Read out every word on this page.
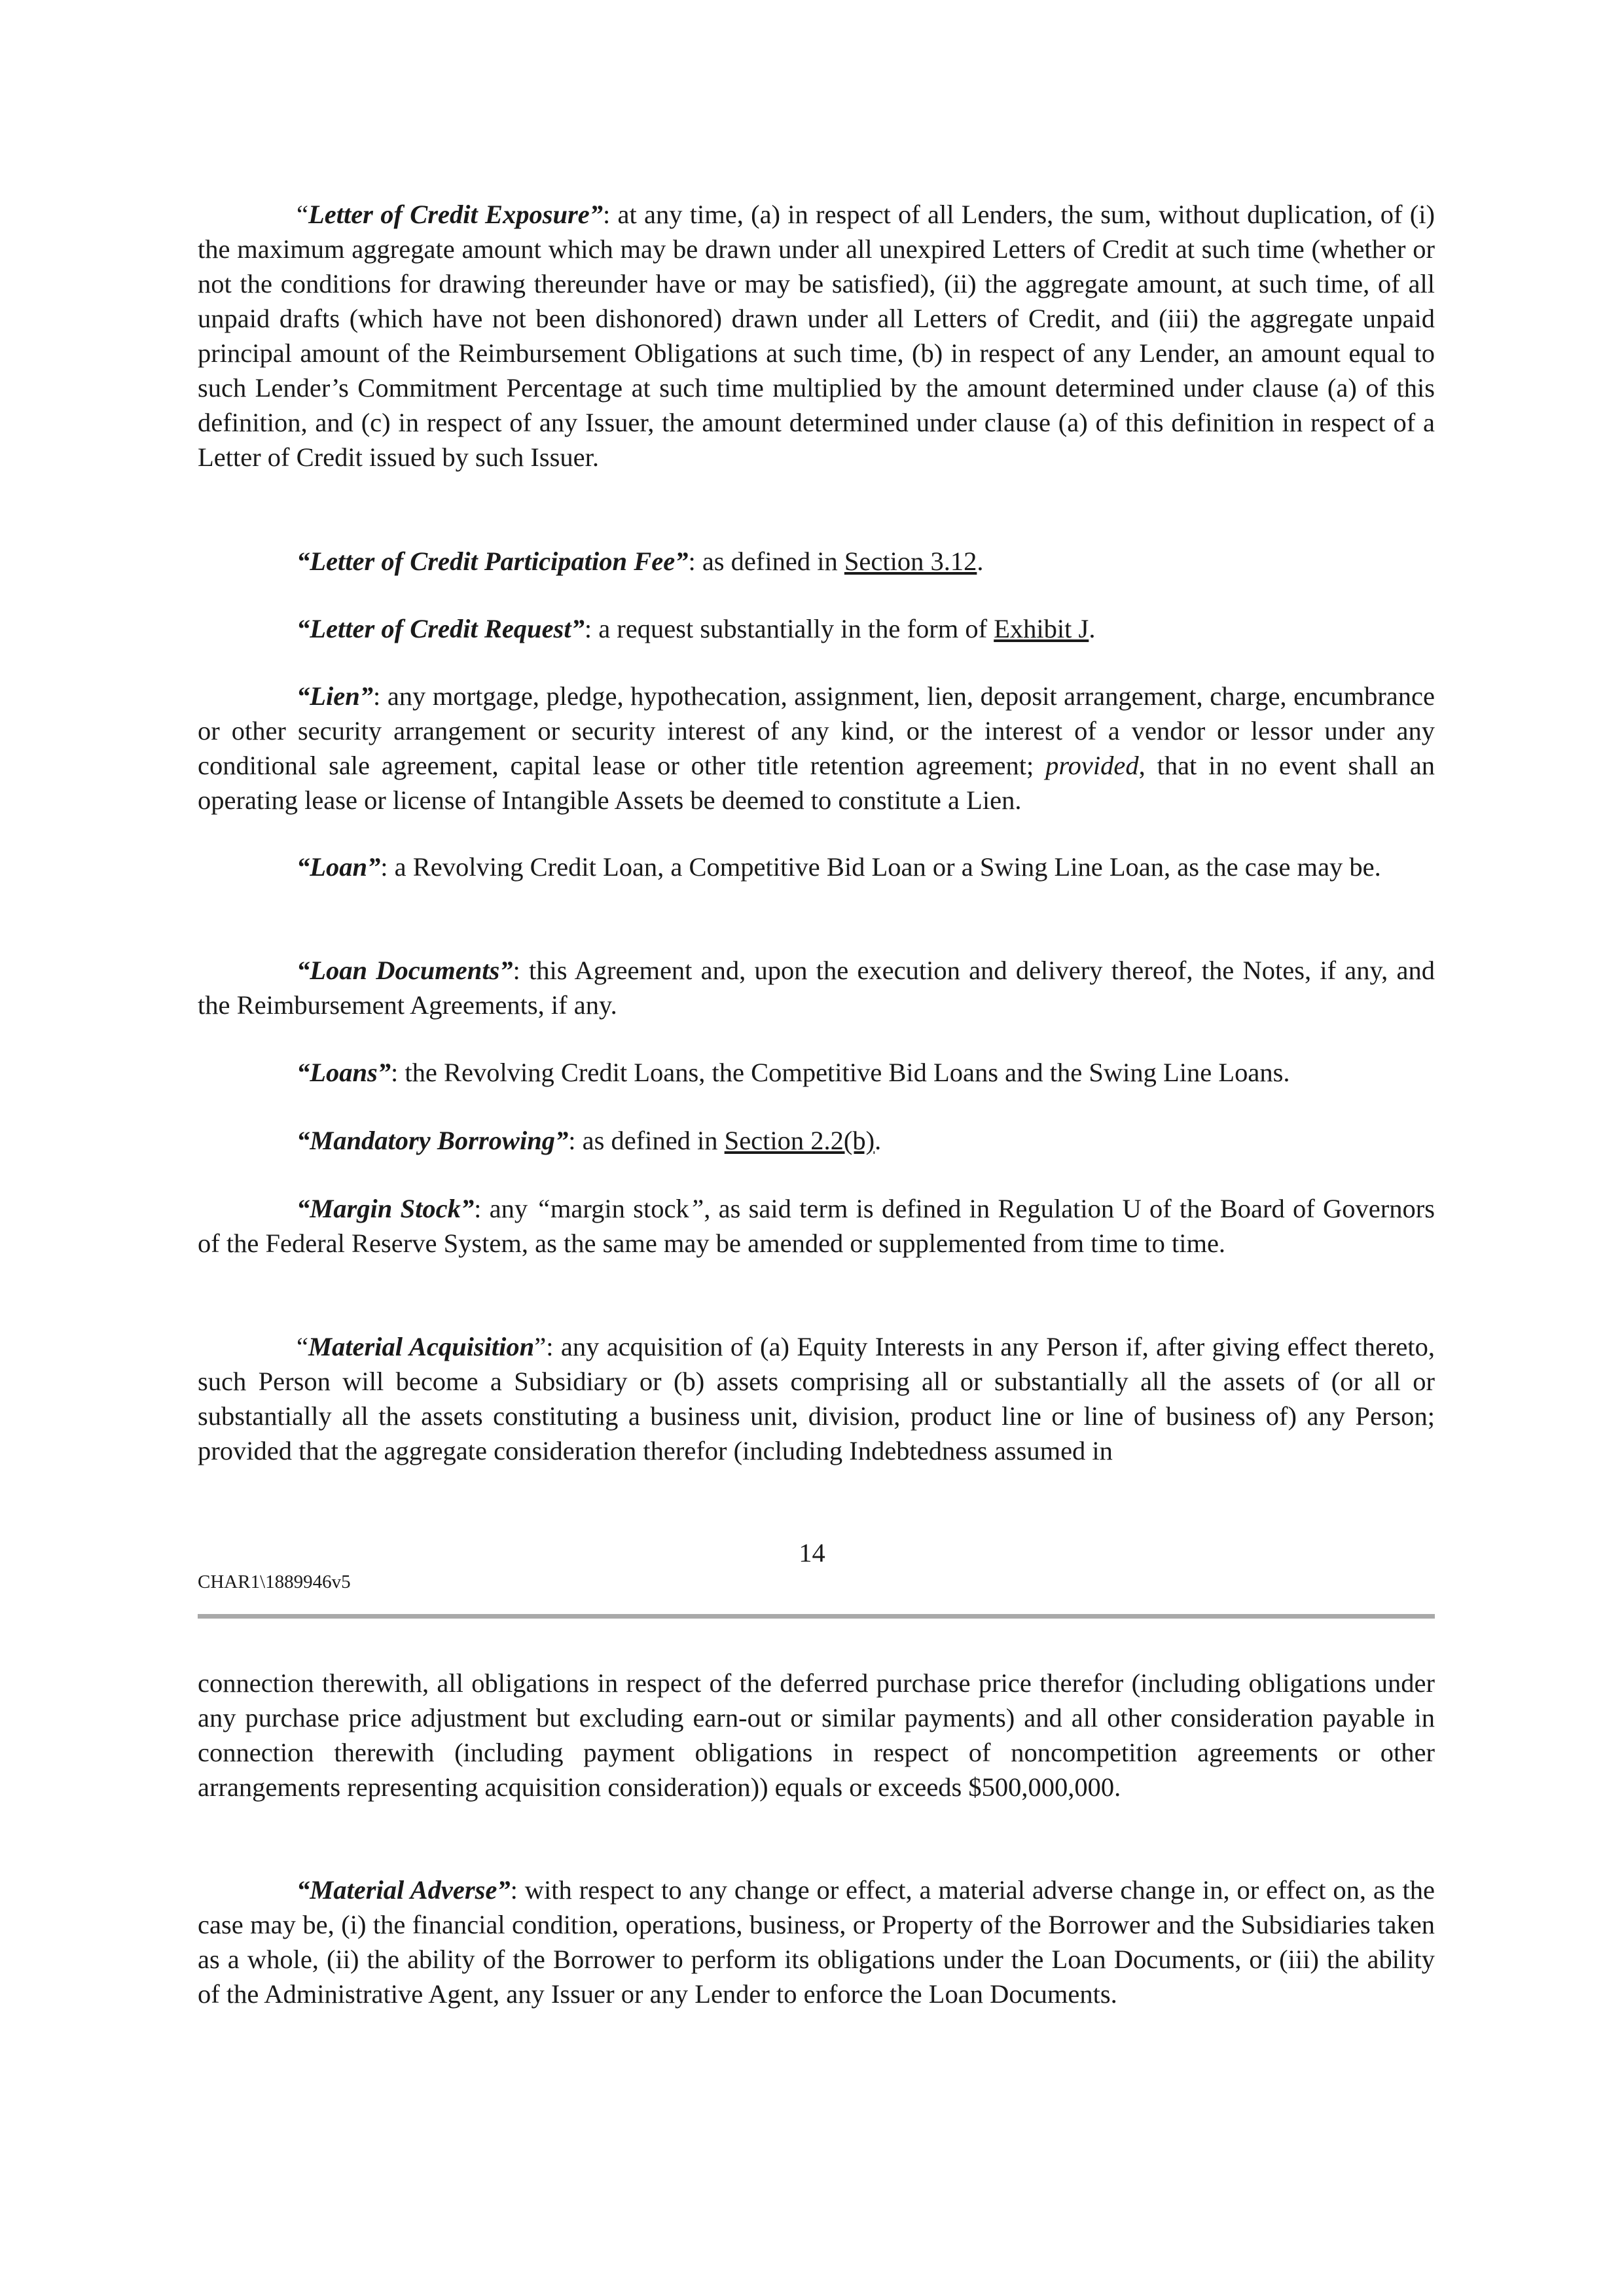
“Letter of Credit Exposure”: at any time, (a) in respect of all Lenders, the sum, without duplication, of (i) the maximum aggregate amount which may be drawn under all unexpired Letters of Credit at such time (whether or not the conditions for drawing thereunder have or may be satisfied), (ii) the aggregate amount, at such time, of all unpaid drafts (which have not been dishonored) drawn under all Letters of Credit, and (iii) the aggregate unpaid principal amount of the Reimbursement Obligations at such time, (b) in respect of any Lender, an amount equal to such Lender’s Commitment Percentage at such time multiplied by the amount determined under clause (a) of this definition, and (c) in respect of any Issuer, the amount determined under clause (a) of this definition in respect of a Letter of Credit issued by such Issuer.

“Letter of Credit Participation Fee”: as defined in Section 3.12.

“Letter of Credit Request”: a request substantially in the form of Exhibit J.

“Lien”: any mortgage, pledge, hypothecation, assignment, lien, deposit arrangement, charge, encumbrance or other security arrangement or security interest of any kind, or the interest of a vendor or lessor under any conditional sale agreement, capital lease or other title retention agreement; provided, that in no event shall an operating lease or license of Intangible Assets be deemed to constitute a Lien.

“Loan”: a Revolving Credit Loan, a Competitive Bid Loan or a Swing Line Loan, as the case may be.

“Loan Documents”: this Agreement and, upon the execution and delivery thereof, the Notes, if any, and the Reimbursement Agreements, if any.

“Loans”: the Revolving Credit Loans, the Competitive Bid Loans and the Swing Line Loans.

“Mandatory Borrowing”: as defined in Section 2.2(b).

“Margin Stock”: any “margin stock”, as said term is defined in Regulation U of the Board of Governors of the Federal Reserve System, as the same may be amended or supplemented from time to time.

“Material Acquisition”: any acquisition of (a) Equity Interests in any Person if, after giving effect thereto, such Person will become a Subsidiary or (b) assets comprising all or substantially all the assets of (or all or substantially all the assets constituting a business unit, division, product line or line of business of) any Person; provided that the aggregate consideration therefor (including Indebtedness assumed in

14
CHAR1\1889946v5

connection therewith, all obligations in respect of the deferred purchase price therefor (including obligations under any purchase price adjustment but excluding earn-out or similar payments) and all other consideration payable in connection therewith (including payment obligations in respect of noncompetition agreements or other arrangements representing acquisition consideration)) equals or exceeds $500,000,000.

“Material Adverse”: with respect to any change or effect, a material adverse change in, or effect on, as the case may be, (i) the financial condition, operations, business, or Property of the Borrower and the Subsidiaries taken as a whole, (ii) the ability of the Borrower to perform its obligations under the Loan Documents, or (iii) the ability of the Administrative Agent, any Issuer or any Lender to enforce the Loan Documents.
